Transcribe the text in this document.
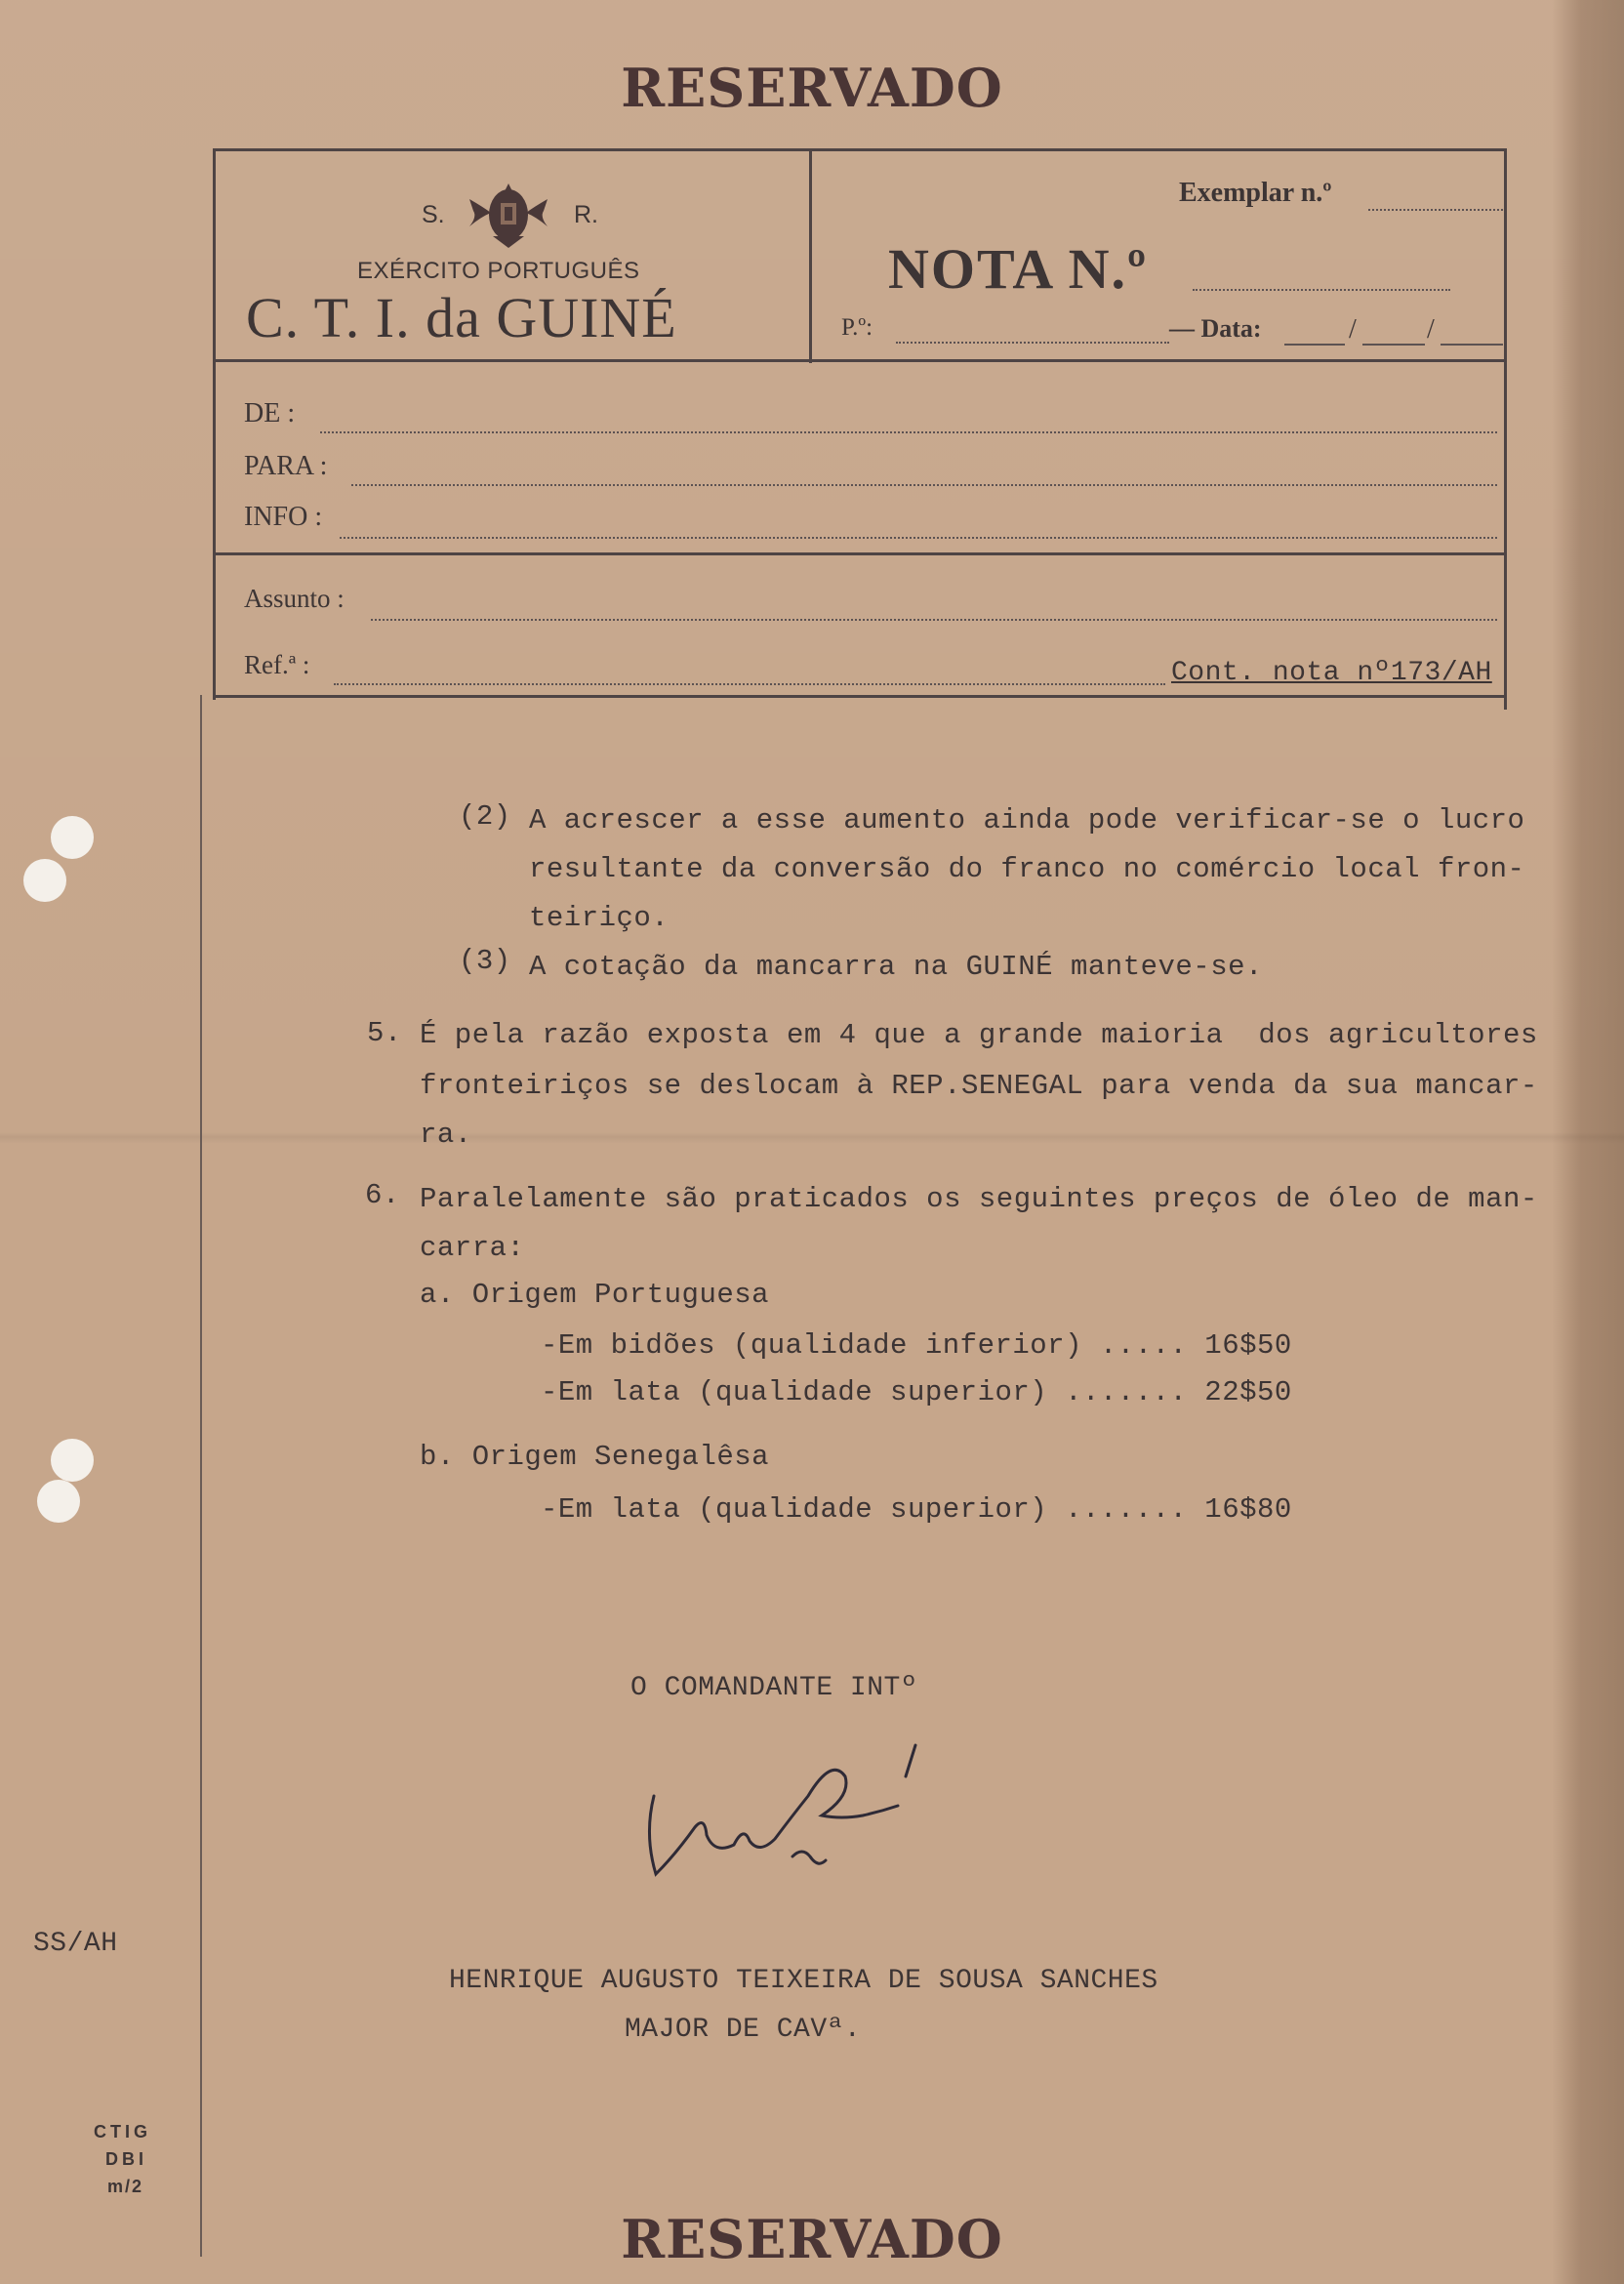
RESERVADO
S.	R.
EXÉRCITO PORTUGUÊS
C. T. I. da GUINÉ
Exemplar n.º
NOTA N.º
P.º:	— Data:	/	/
DE :
PARA :
INFO :
Assunto :
Ref.ª :	Cont. nota nº173/AH
(2) A acrescer a esse aumento ainda pode verificar-se o lucro
resultante da conversão do franco no comércio local fron-
teiriço.
(3) A cotação da mancarra na GUINÉ manteve-se.
5. É pela razão exposta em 4 que a grande maioria  dos agricultores
fronteiriços se deslocam à REP.SENEGAL para venda da sua mancar-
ra.
6. Paralelamente são praticados os seguintes preços de óleo de man-
carra:
a. Origem Portuguesa
-Em bidões (qualidade inferior) ..... 16$50
-Em lata (qualidade superior) ....... 22$50
b. Origem Senegalêsa
-Em lata (qualidade superior) ....... 16$80
O COMANDANTE INTº
HENRIQUE AUGUSTO TEIXEIRA DE SOUSA SANCHES
MAJOR DE CAVª.
SS/AH
CTIG
DBI
m/2
RESERVADO
